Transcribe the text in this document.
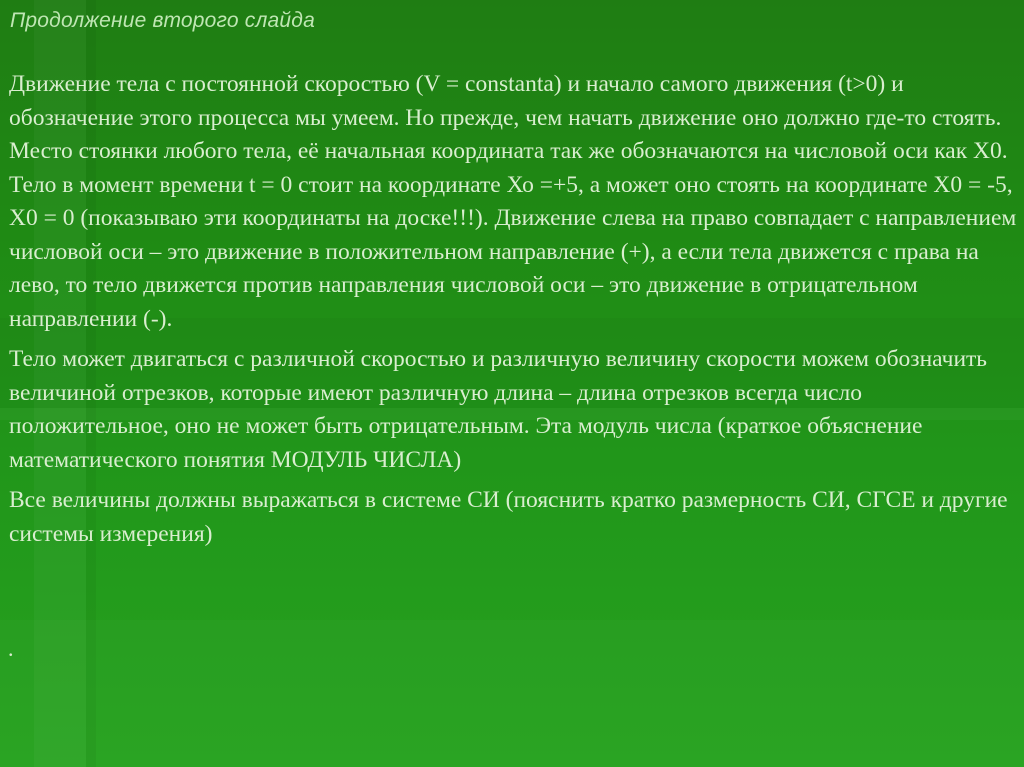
Продолжение второго слайда

Движение тела с постоянной скоростью (V = constanta) и начало самого движения (t>0) и обозначение этого процесса мы умеем. Но прежде, чем начать движение оно должно где-то стоять. Место стоянки любого тела, её начальная координата так же обозначаются на числовой оси как Х0. Тело в момент времени t = 0 стоит на координате Хо =+5, а может оно стоять на координате Х0 = -5, Х0 = 0 (показываю эти координаты на доске!!!). Движение слева на право совпадает с направлением числовой оси – это движение в положительном направление (+), а если тела движется с права на лево, то тело движется против направления числовой оси – это движение в отрицательном направлении (-).

Тело может двигаться с различной скоростью и различную величину скорости можем обозначить величиной отрезков, которые имеют различную длина – длина отрезков всегда число положительное, оно не может быть отрицательным. Эта модуль числа (краткое объяснение математического понятия МОДУЛЬ ЧИСЛА)

Все величины должны выражаться в системе СИ (пояснить кратко размерность СИ, СГСЕ и другие системы измерения)

.
